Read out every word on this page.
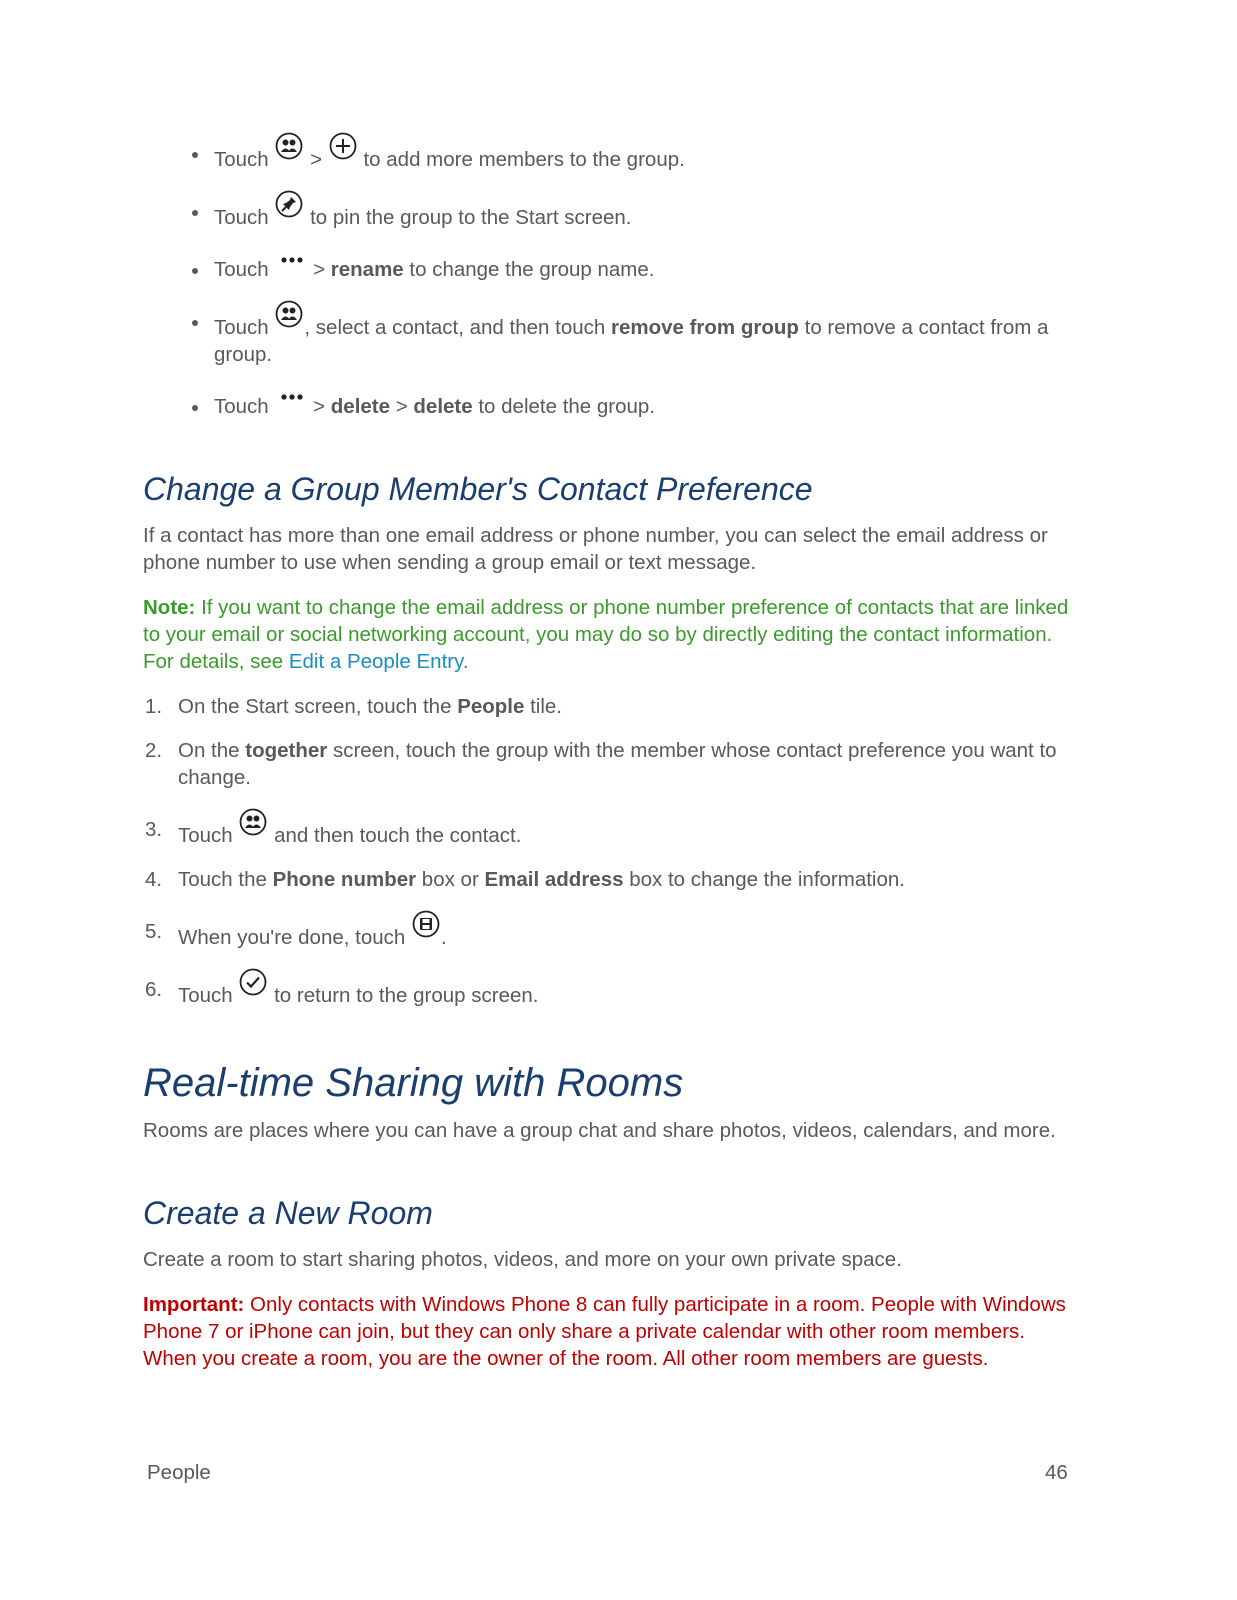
Touch
>
to add more members to the group.
Touch
to pin the group to the Start screen.
Touch
> rename to change the group name.
Touch
, select a contact, and then touch remove from group to remove a contact from a group.
Touch
> delete > delete to delete the group.
Change a Group Member's Contact Preference

If a contact has more than one email address or phone number, you can select the email address or phone number to use when sending a group email or text message.

Note: If you want to change the email address or phone number preference of contacts that are linked to your email or social networking account, you may do so by directly editing the contact information. For details, see Edit a People Entry.

1. On the Start screen, touch the People tile.
2. On the together screen, touch the group with the member whose contact preference you want to change.
3. Touch
and then touch the contact.
4. Touch the Phone number box or Email address box to change the information.
5. When you're done, touch
.
6. Touch
to return to the group screen.
Real-time Sharing with Rooms

Rooms are places where you can have a group chat and share photos, videos, calendars, and more.

Create a New Room

Create a room to start sharing photos, videos, and more on your own private space.

Important: Only contacts with Windows Phone 8 can fully participate in a room. People with Windows Phone 7 or iPhone can join, but they can only share a private calendar with other room members. When you create a room, you are the owner of the room. All other room members are guests.

People	46
